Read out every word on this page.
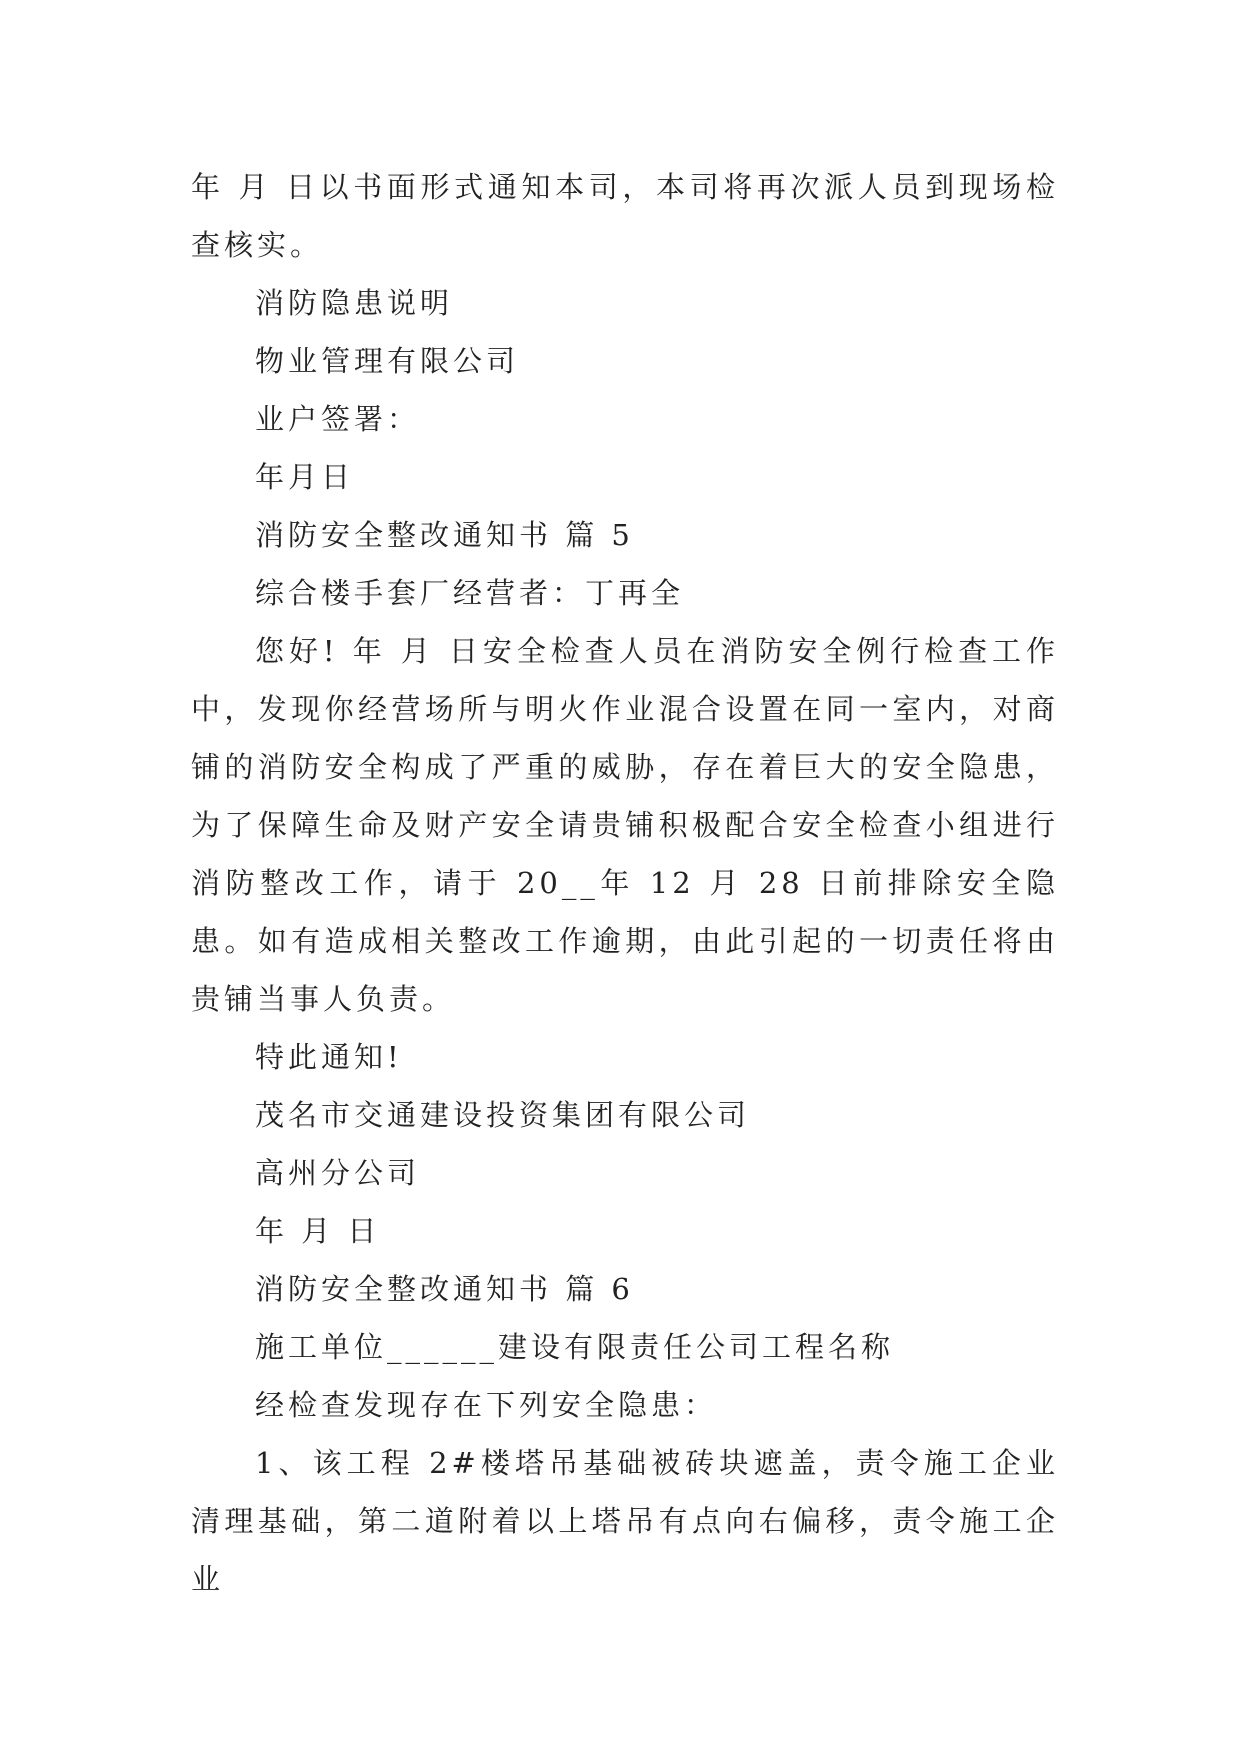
年 月 日以书面形式通知本司，本司将再次派人员到现场检查核实。

消防隐患说明
物业管理有限公司
业户签署：
年月日
消防安全整改通知书 篇 5
综合楼手套厂经营者：丁再全

您好! 年 月 日安全检查人员在消防安全例行检查工作中，发现你经营场所与明火作业混合设置在同一室内，对商铺的消防安全构成了严重的威胁，存在着巨大的安全隐患，为了保障生命及财产安全请贵铺积极配合安全检查小组进行消防整改工作，请于 20__年 12 月 28 日前排除安全隐患。如有造成相关整改工作逾期，由此引起的一切责任将由贵铺当事人负责。

特此通知!
茂名市交通建设投资集团有限公司
高州分公司
年 月 日
消防安全整改通知书 篇 6
施工单位______建设有限责任公司工程名称
经检查发现存在下列安全隐患：

1、该工程 2#楼塔吊基础被砖块遮盖，责令施工企业清理基础，第二道附着以上塔吊有点向右偏移，责令施工企业
